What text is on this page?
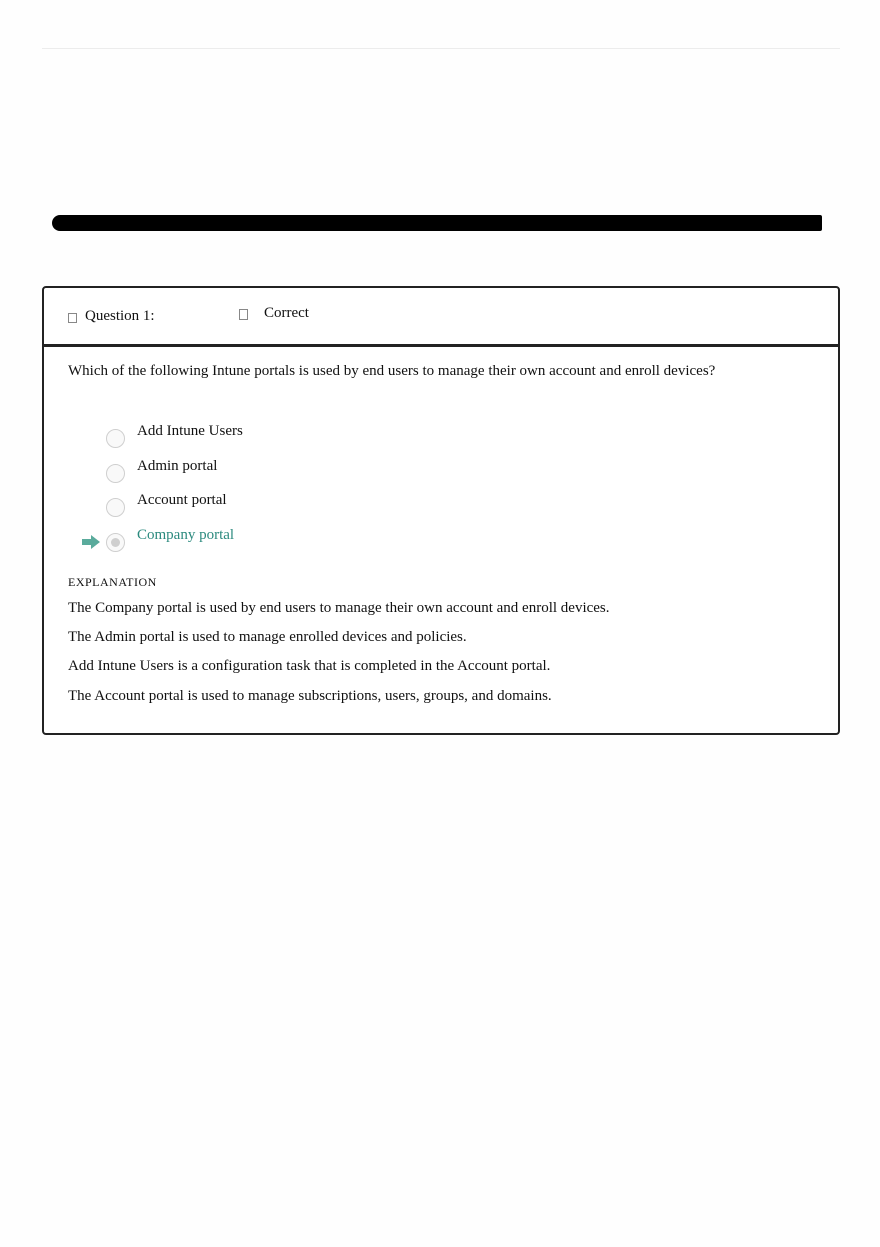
Question 1:	Correct
Which of the following Intune portals is used by end users to manage their own account and enroll devices?
Add Intune Users
Admin portal
Account portal
Company portal
EXPLANATION
The Company portal is used by end users to manage their own account and enroll devices.
The Admin portal is used to manage enrolled devices and policies.
Add Intune Users is a configuration task that is completed in the Account portal.
The Account portal is used to manage subscriptions, users, groups, and domains.
